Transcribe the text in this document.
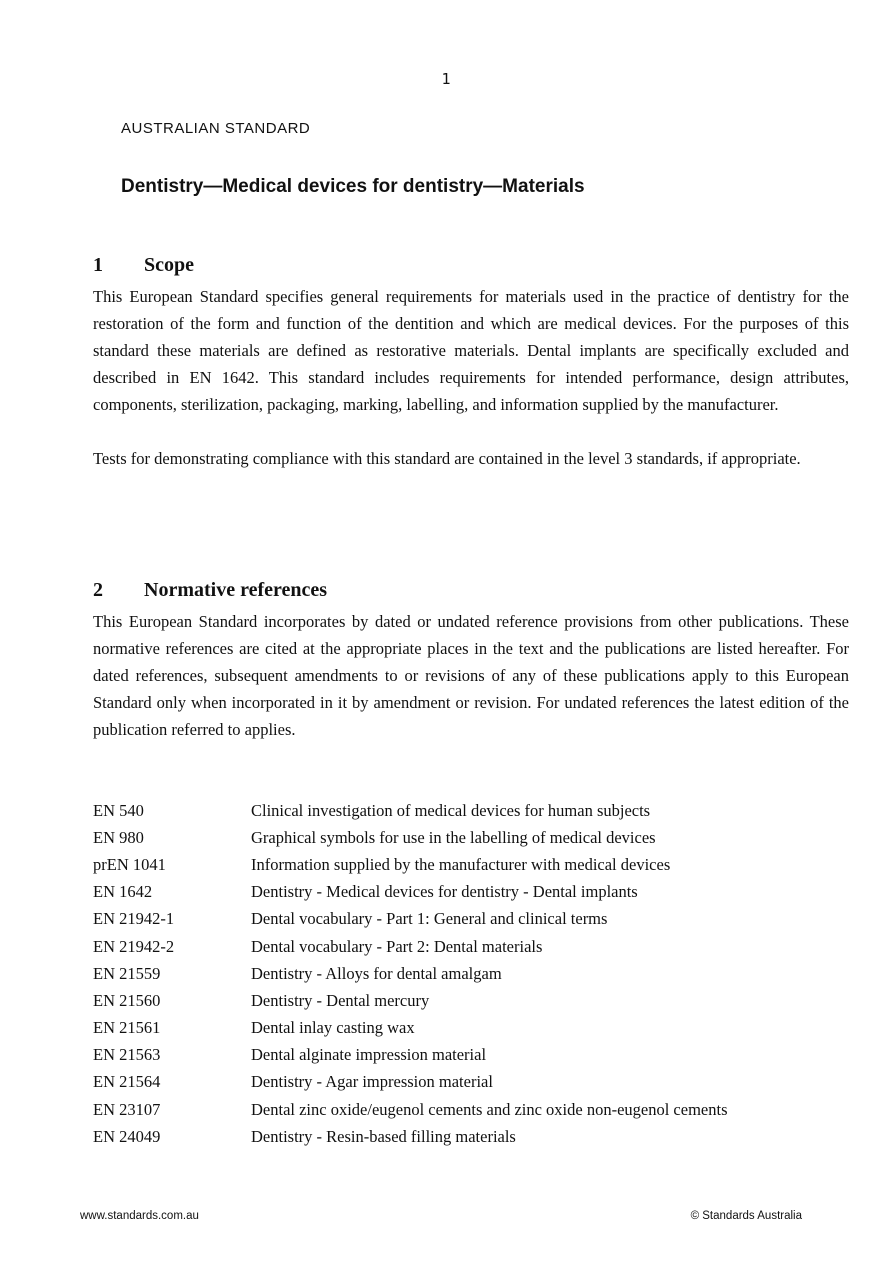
1
AUSTRALIAN STANDARD
Dentistry—Medical devices for dentistry—Materials
1	Scope

This European Standard specifies general requirements for materials used in the practice of dentistry for the restoration of the form and function of the dentition and which are medical devices. For the purposes of this standard these materials are defined as restorative materials. Dental implants are specifically excluded and described in EN 1642. This standard includes requirements for intended performance, design attributes, components, sterilization, packaging, marking, labelling, and information supplied by the manufacturer.

Tests for demonstrating compliance with this standard are contained in the level 3 standards, if appropriate.

2	Normative references

This European Standard incorporates by dated or undated reference provisions from other publications. These normative references are cited at the appropriate places in the text and the publications are listed hereafter. For dated references, subsequent amendments to or revisions of any of these publications apply to this European Standard only when incorporated in it by amendment or revision. For undated references the latest edition of the publication referred to applies.

EN 540	Clinical investigation of medical devices for human subjects
EN 980	Graphical symbols for use in the labelling of medical devices
prEN 1041	Information supplied by the manufacturer with medical devices
EN 1642	Dentistry - Medical devices for dentistry - Dental implants
EN 21942-1	Dental vocabulary - Part 1: General and clinical terms
EN 21942-2	Dental vocabulary - Part 2: Dental materials
EN 21559	Dentistry - Alloys for dental amalgam
EN 21560	Dentistry - Dental mercury
EN 21561	Dental inlay casting wax
EN 21563	Dental alginate impression material
EN 21564	Dentistry - Agar impression material
EN 23107	Dental zinc oxide/eugenol cements and zinc oxide non-eugenol cements
EN 24049	Dentistry - Resin-based filling materials
www.standards.com.au	© Standards Australia
